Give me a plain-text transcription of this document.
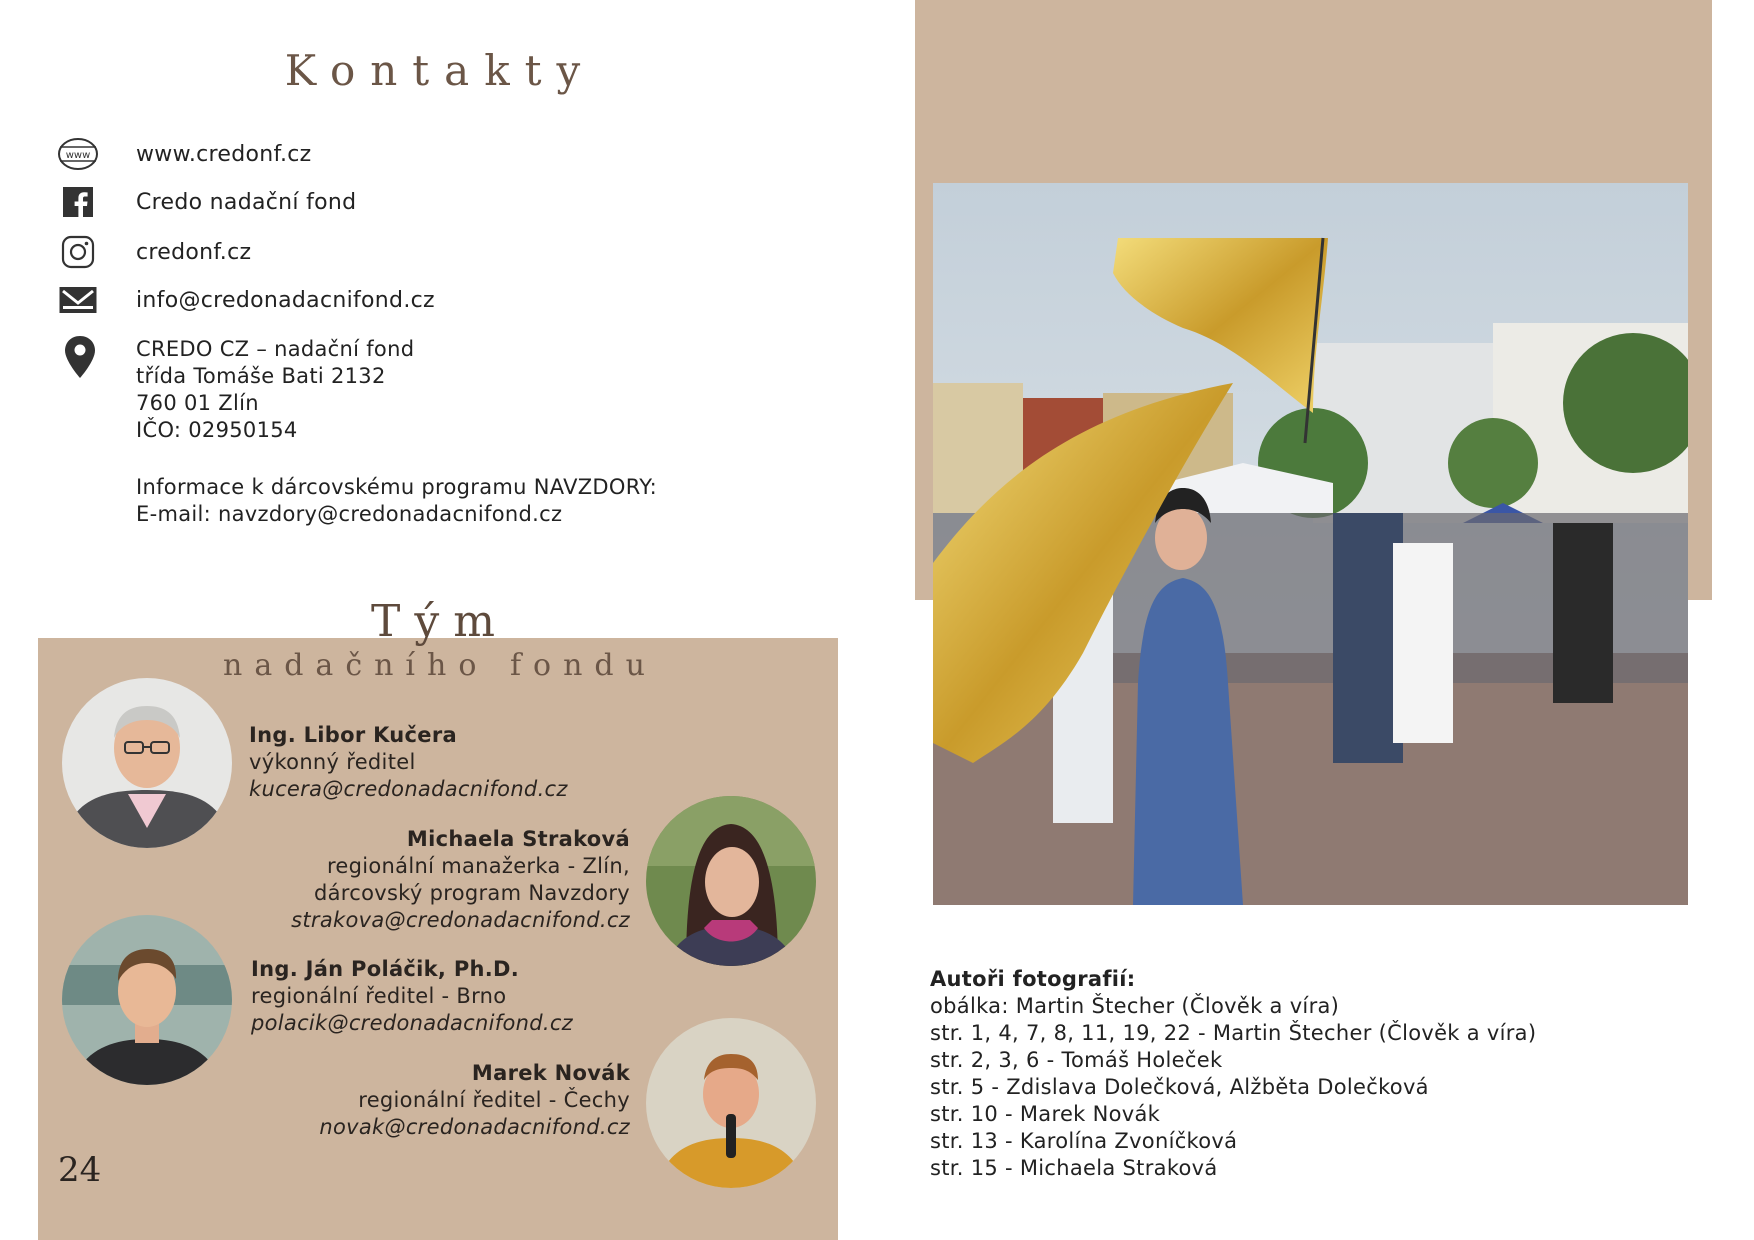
Kontakty
www www.credonf.cz
Credo nadační fond
credonf.cz
info@credonadacnifond.cz
CREDO CZ – nadační fond
třída Tomáše Bati 2132
760 01 Zlín
IČO: 02950154
Informace k dárcovskému programu NAVZDORY:
E-mail: navzdory@credonadacnifond.cz
Tým
nadačního fondu
Ing. Libor Kučera
výkonný ředitel
kucera@credonadacnifond.cz
Michaela Straková
regionální manažerka - Zlín,
dárcovský program Navzdory
strakova@credonadacnifond.cz
Ing. Ján Poláčik, Ph.D.
regionální ředitel - Brno
polacik@credonadacnifond.cz
Marek Novák
regionální ředitel - Čechy
novak@credonadacnifond.cz
24
Autoři fotografií:
obálka: Martin Štecher (Člověk a víra)
str. 1, 4, 7, 8, 11, 19, 22 - Martin Štecher (Člověk a víra)
str. 2, 3, 6 - Tomáš Holeček
str. 5 - Zdislava Dolečková, Alžběta Dolečková
str. 10 - Marek Novák
str. 13 - Karolína Zvoníčková
str. 15 - Michaela Straková
